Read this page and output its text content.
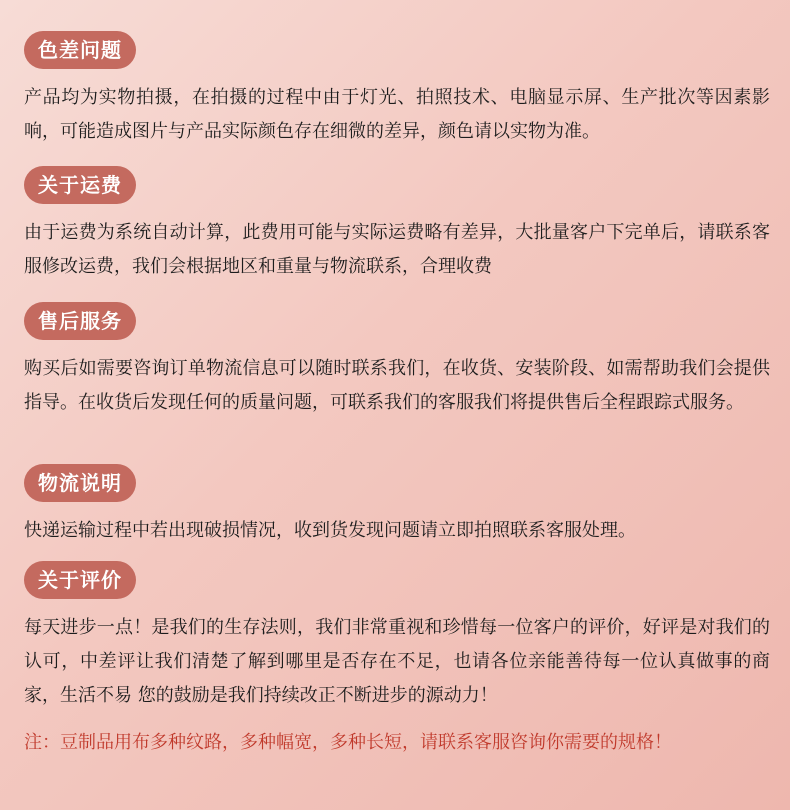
色差问题
产品均为实物拍摄，在拍摄的过程中由于灯光、拍照技术、电脑显示屏、生产批次等因素影响，可能造成图片与产品实际颜色存在细微的差异，颜色请以实物为准。
关于运费
由于运费为系统自动计算，此费用可能与实际运费略有差异，大批量客户下完单后，请联系客服修改运费，我们会根据地区和重量与物流联系，合理收费
售后服务
购买后如需要咨询订单物流信息可以随时联系我们，在收货、安装阶段、如需帮助我们会提供指导。在收货后发现任何的质量问题，可联系我们的客服我们将提供售后全程跟踪式服务。
物流说明
快递运输过程中若出现破损情况，收到货发现问题请立即拍照联系客服处理。
关于评价
每天进步一点！是我们的生存法则，我们非常重视和珍惜每一位客户的评价，好评是对我们的认可，中差评让我们清楚了解到哪里是否存在不足，也请各位亲能善待每一位认真做事的商家，生活不易 您的鼓励是我们持续改正不断进步的源动力！
注：豆制品用布多种纹路，多种幅宽，多种长短，请联系客服咨询你需要的规格！
